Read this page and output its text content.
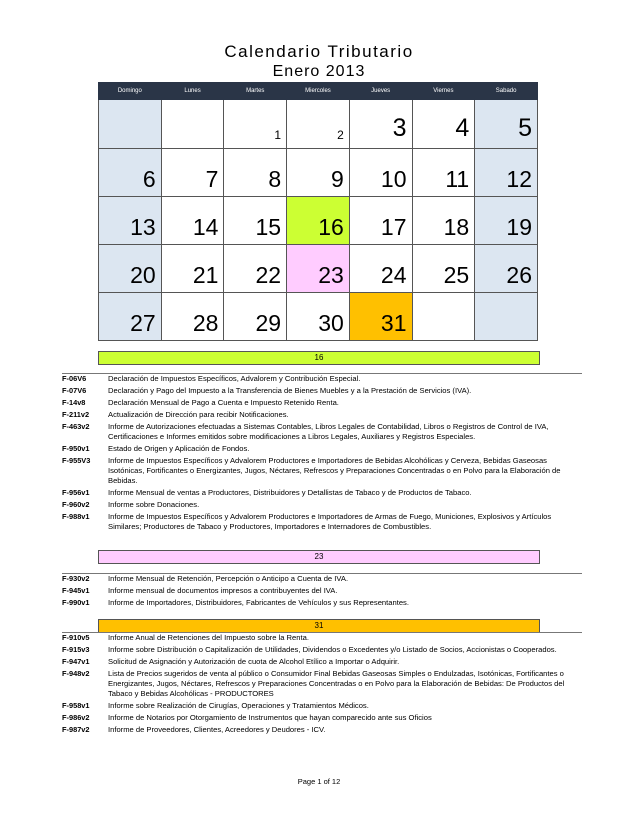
Calendario Tributario
Enero 2013
Domingo	Lunes	Martes	Miercoles	Jueves	Viernes	Sabado
		1	2	3	4	5
6	7	8	9	10	11	12
13	14	15	16	17	18	19
20	21	22	23	24	25	26
27	28	29	30	31		
16
F-06V6	Declaración de Impuestos Específicos, Advalorem y Contribución Especial.
F-07V6	Declaración y Pago del Impuesto a la Transferencia de Bienes Muebles y a la Prestación de Servicios (IVA).
F-14v8	Declaración Mensual de Pago a Cuenta e Impuesto Retenido Renta.
F-211v2	Actualización de Dirección para recibir Notificaciones.
F-463v2	Informe de Autorizaciones efectuadas a Sistemas Contables, Libros Legales de Contabilidad, Libros o Registros de Control de IVA, Certificaciones e Informes emitidos sobre modificaciones a Libros Legales, Auxiliares y Registros Especiales.
F-950v1	Estado de Origen y Aplicación de Fondos.
F-955V3	Informe de Impuestos Específicos y Advalorem Productores e Importadores de Bebidas Alcohólicas y Cerveza, Bebidas Gaseosas Isotónicas, Fortificantes o Energizantes, Jugos, Néctares, Refrescos y Preparaciones Concentradas o en Polvo para la Elaboración de Bebidas.
F-956v1	Informe Mensual de ventas a Productores, Distribuidores y Detallistas de Tabaco y de Productos de Tabaco.
F-960v2	Informe sobre Donaciones.
F-988v1	Informe de Impuestos Específicos y Advalorem Productores e Importadores de Armas de Fuego, Municiones, Explosivos y Artículos Similares; Productores de Tabaco y Productores, Importadores e Internadores de Combustibles.
23
F-930v2	Informe Mensual de Retención, Percepción o Anticipo a Cuenta de IVA.
F-945v1	Informe mensual de documentos impresos a contribuyentes del IVA.
F-990v1	Informe de Importadores, Distribuidores, Fabricantes de Vehículos y sus Representantes.
31
F-910v5	Informe Anual de Retenciones del Impuesto sobre la Renta.
F-915v3	Informe sobre Distribución o Capitalización de Utilidades, Dividendos o Excedentes y/o Listado de Socios, Accionistas o Cooperados.
F-947v1	Solicitud de Asignación y Autorización de cuota de Alcohol Etílico a Importar o Adquirir.
F-948v2	Lista de Precios sugeridos de venta al público o Consumidor Final Bebidas Gaseosas Simples o Endulzadas, Isotónicas, Fortificantes o Energizantes, Jugos, Néctares, Refrescos y Preparaciones Concentradas o en Polvo para la Elaboración de Bebidas: De Productos del Tabaco y Bebidas Alcohólicas - PRODUCTORES
F-958v1	Informe sobre Realización de Cirugías, Operaciones y Tratamientos Médicos.
F-986v2	Informe de Notarios por Otorgamiento de Instrumentos que hayan comparecido ante sus Oficios
F-987v2	Informe de Proveedores, Clientes, Acreedores y Deudores - ICV.
Page 1 of 12
